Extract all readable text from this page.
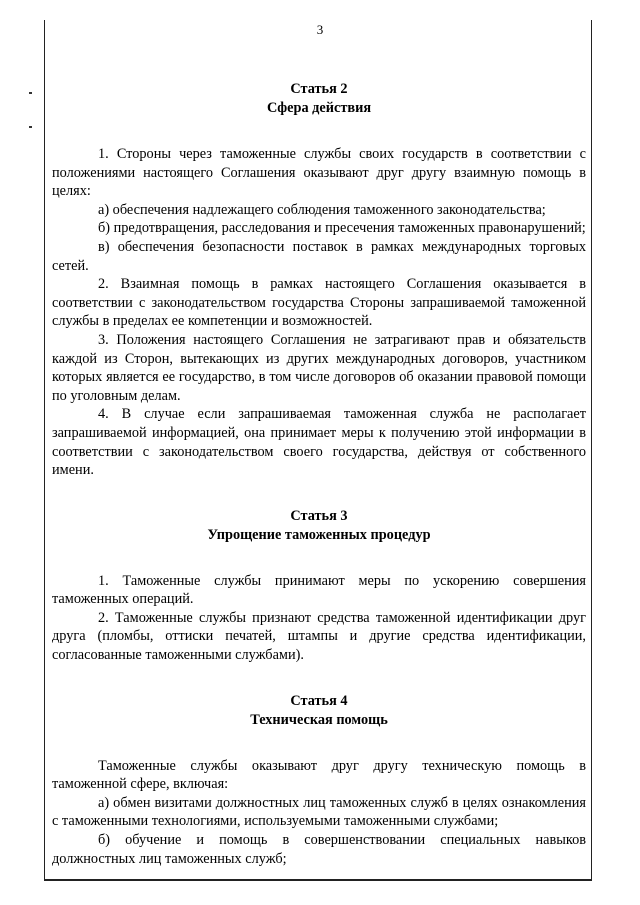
3
Статья 2
Сфера действия

1. Стороны через таможенные службы своих государств в соответствии с положениями настоящего Соглашения оказывают друг другу взаимную помощь в целях:

а) обеспечения надлежащего соблюдения таможенного законодательства;

б) предотвращения, расследования и пресечения таможенных правонарушений;

в) обеспечения безопасности поставок в рамках международных торговых сетей.

2. Взаимная помощь в рамках настоящего Соглашения оказывается в соответствии с законодательством государства Стороны запрашиваемой таможенной службы в пределах ее компетенции и возможностей.

3. Положения настоящего Соглашения не затрагивают прав и обязательств каждой из Сторон, вытекающих из других международных договоров, участником которых является ее государство, в том числе договоров об оказании правовой помощи по уголовным делам.

4. В случае если запрашиваемая таможенная служба не располагает запрашиваемой информацией, она принимает меры к получению этой информации в соответствии с законодательством своего государства, действуя от собственного имени.

Статья 3
Упрощение таможенных процедур

1. Таможенные службы принимают меры по ускорению совершения таможенных операций.

2. Таможенные службы признают средства таможенной идентификации друг друга (пломбы, оттиски печатей, штампы и другие средства идентификации, согласованные таможенными службами).

Статья 4
Техническая помощь

Таможенные службы оказывают друг другу техническую помощь в таможенной сфере, включая:

а) обмен визитами должностных лиц таможенных служб в целях ознакомления с таможенными технологиями, используемыми таможенными службами;

б) обучение и помощь в совершенствовании специальных навыков должностных лиц таможенных служб;
